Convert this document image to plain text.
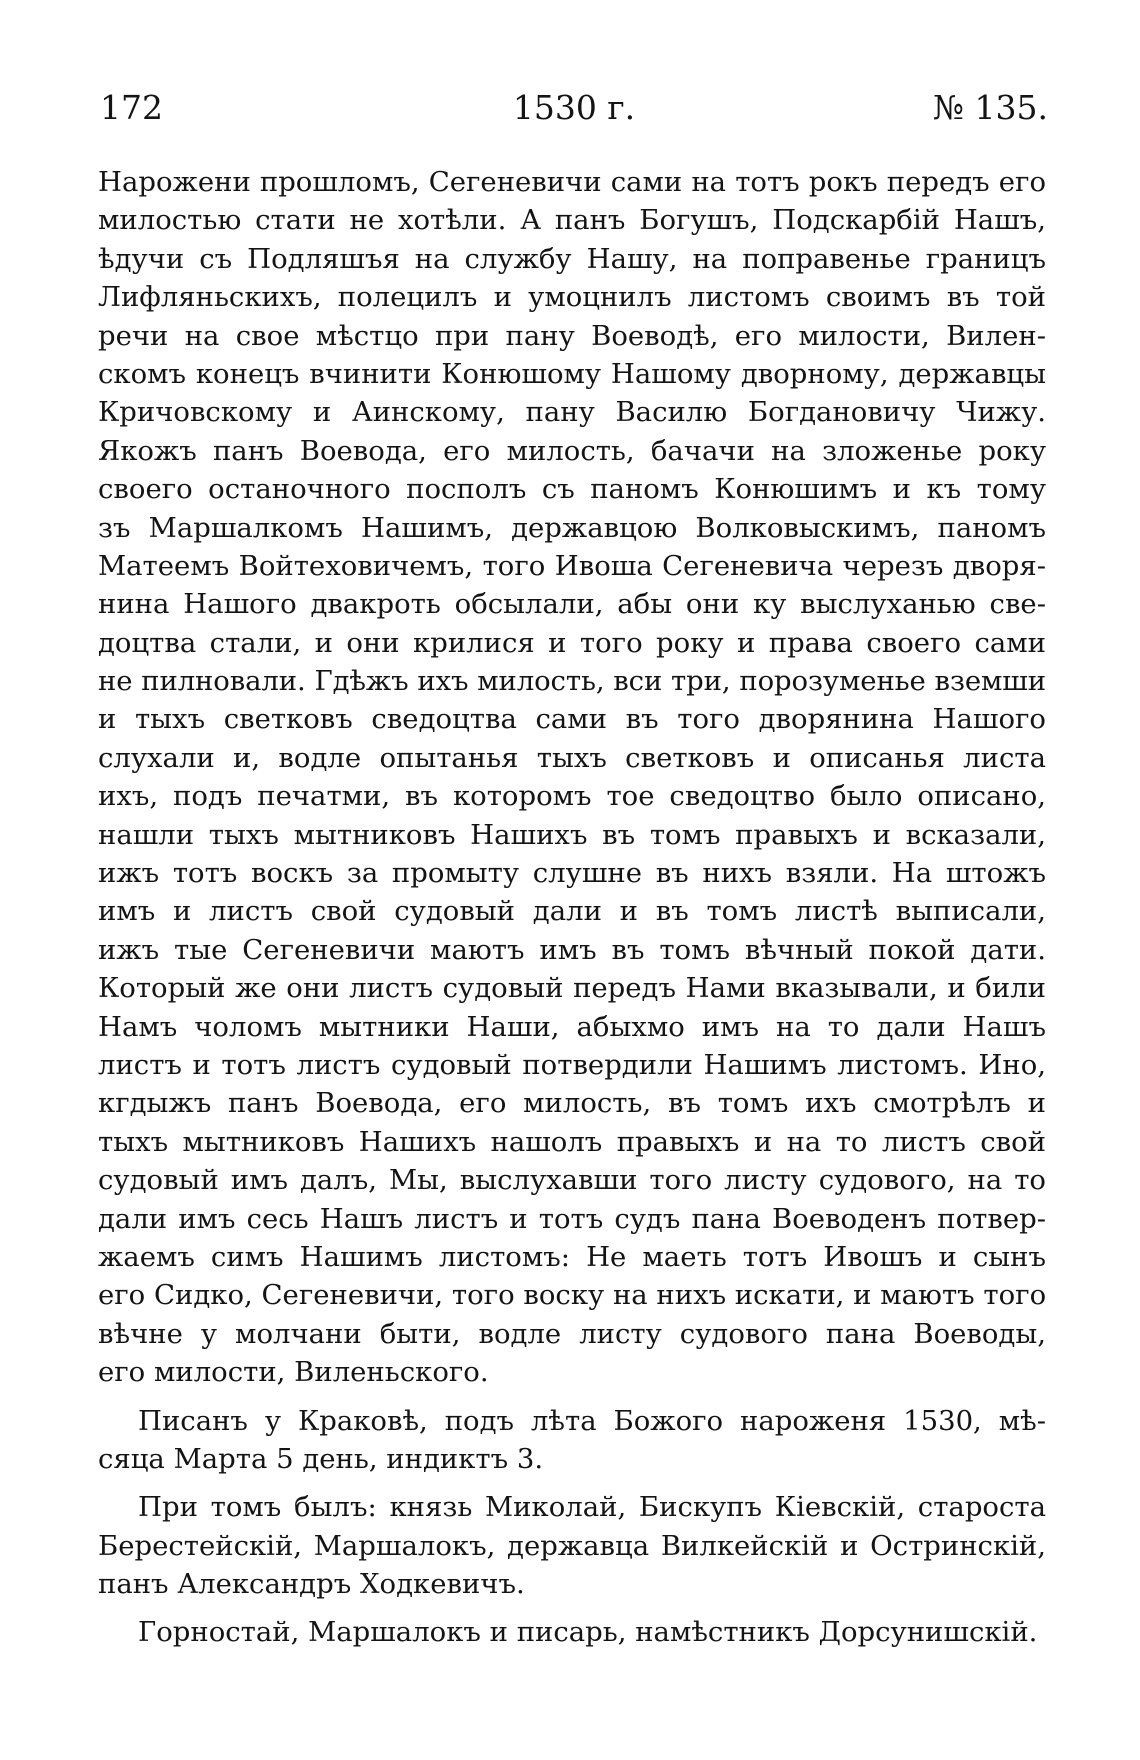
172	1530 г.	№ 135.
Нарожени прошломъ, Сегеневичи сами на тотъ рокъ передъ его
милостью стати не хотѣли. А панъ Богушъ, Подскарбій Нашъ,
ѣдучи съ Подляшъя на службу Нашу, на поправенье границъ
Лифляньскихъ, полецилъ и умоцнилъ листомъ своимъ въ той
речи на свое мѣстцо при пану Воеводѣ, его милости, Вилен-
скомъ конецъ вчинити Конюшому Нашому дворному, державцы
Кричовскому и Аинскому, пану Василю Богдановичу Чижу.
Якожъ панъ Воевода, его милость, бачачи на зложенье року
своего останочного посполъ съ паномъ Конюшимъ и къ тому
зъ Маршалкомъ Нашимъ, державцою Волковыскимъ, паномъ
Матеемъ Войтеховичемъ, того Ивоша Сегеневича черезъ дворя-
нина Нашого двакроть обсылали, абы они ку выслуханью све-
доцтва стали, и они крилися и того року и права своего сами
не пилновали. Гдѣжъ ихъ милость, вси три, порозуменье вземши
и тыхъ светковъ сведоцтва сами въ того дворянина Нашого
слухали и, водле опытанья тыхъ светковъ и описанья листа
ихъ, подъ печатми, въ которомъ тое сведоцтво было описано,
нашли тыхъ мытниковъ Нашихъ въ томъ правыхъ и всказали,
ижъ тотъ воскъ за промыту слушне въ нихъ взяли. На штожъ
имъ и листъ свой судовый дали и въ томъ листѣ выписали,
ижъ тые Сегеневичи маютъ имъ въ томъ вѣчный покой дати.
Который же они листъ судовый передъ Нами вказывали, и били
Намъ чоломъ мытники Наши, абыхмо имъ на то дали Нашъ
листъ и тотъ листъ судовый потвердили Нашимъ листомъ. Ино,
кгдыжъ панъ Воевода, его милость, въ томъ ихъ смотрѣлъ и
тыхъ мытниковъ Нашихъ нашолъ правыхъ и на то листъ свой
судовый имъ далъ, Мы, выслухавши того листу судового, на то
дали имъ сесь Нашъ листъ и тотъ судъ пана Воеводенъ потвер-
жаемъ симъ Нашимъ листомъ: Не маеть тотъ Ивошъ и сынъ
его Сидко, Сегеневичи, того воску на нихъ искати, и маютъ того
вѣчне у молчани быти, водле листу судового пана Воеводы,
его милости, Виленьского.
Писанъ у Краковѣ, подъ лѣта Божого нароженя 1530, мѣ-
сяца Марта 5 день, индиктъ 3.
При томъ былъ: князь Миколай, Бискупъ Кіевскій, староста
Берестейскій, Маршалокъ, державца Вилкейскій и Остринскій,
панъ Александръ Ходкевичъ.
Горностай, Маршалокъ и писарь, намѣстникъ Дорсунишскій.
